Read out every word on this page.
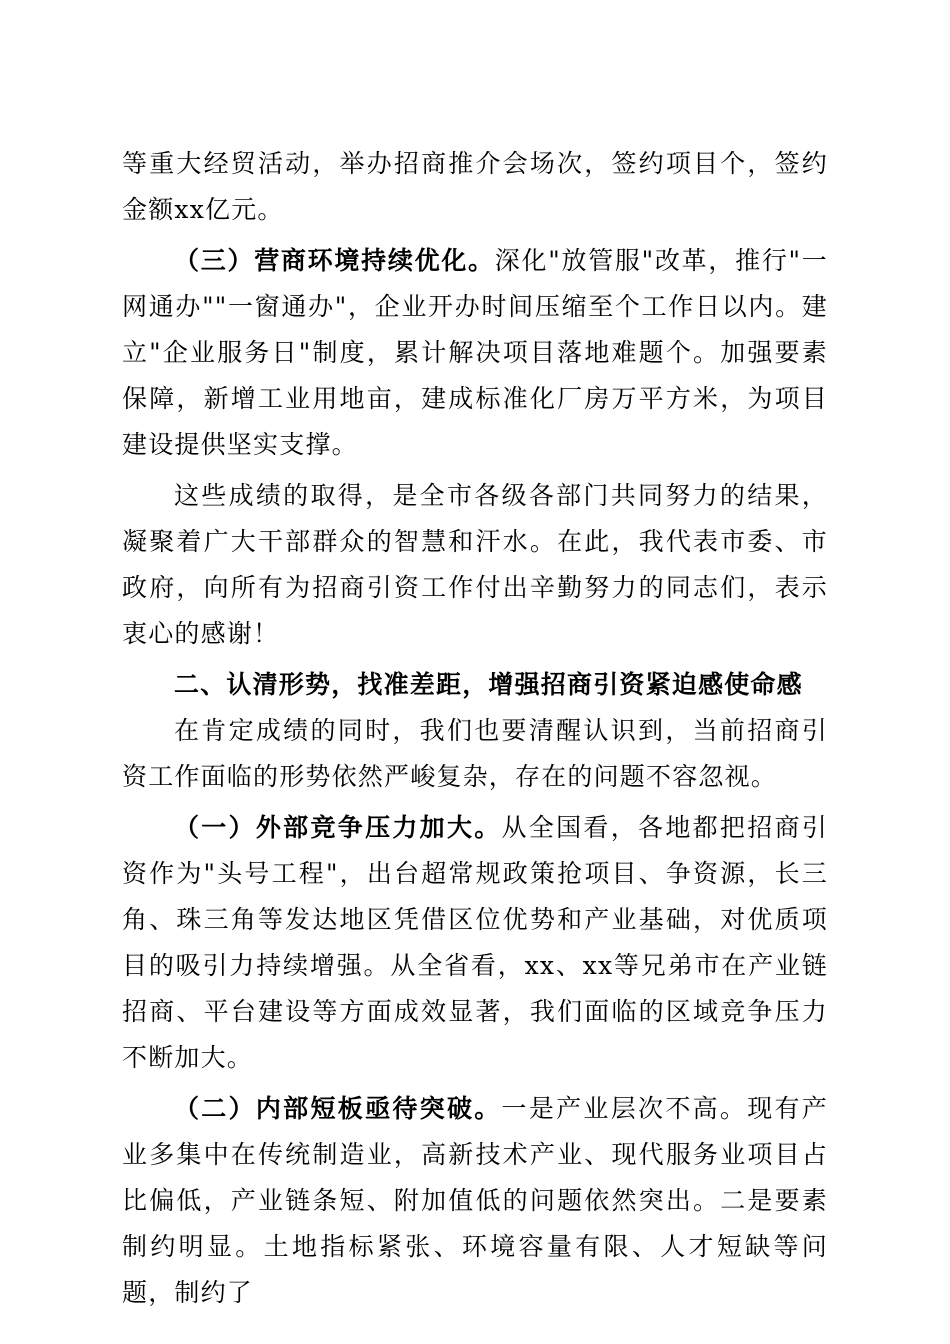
等重大经贸活动，举办招商推介会场次，签约项目个，签约金额xx亿元。

（三）营商环境持续优化。深化"放管服"改革，推行"一网通办""一窗通办"，企业开办时间压缩至个工作日以内。建立"企业服务日"制度，累计解决项目落地难题个。加强要素保障，新增工业用地亩，建成标准化厂房万平方米，为项目建设提供坚实支撑。

这些成绩的取得，是全市各级各部门共同努力的结果，凝聚着广大干部群众的智慧和汗水。在此，我代表市委、市政府，向所有为招商引资工作付出辛勤努力的同志们，表示衷心的感谢！

二、认清形势，找准差距，增强招商引资紧迫感使命感

在肯定成绩的同时，我们也要清醒认识到，当前招商引资工作面临的形势依然严峻复杂，存在的问题不容忽视。

（一）外部竞争压力加大。从全国看，各地都把招商引资作为"头号工程"，出台超常规政策抢项目、争资源，长三角、珠三角等发达地区凭借区位优势和产业基础，对优质项目的吸引力持续增强。从全省看，xx、xx等兄弟市在产业链招商、平台建设等方面成效显著，我们面临的区域竞争压力不断加大。

（二）内部短板亟待突破。一是产业层次不高。现有产业多集中在传统制造业，高新技术产业、现代服务业项目占比偏低，产业链条短、附加值低的问题依然突出。二是要素制约明显。土地指标紧张、环境容量有限、人才短缺等问题，制约了
